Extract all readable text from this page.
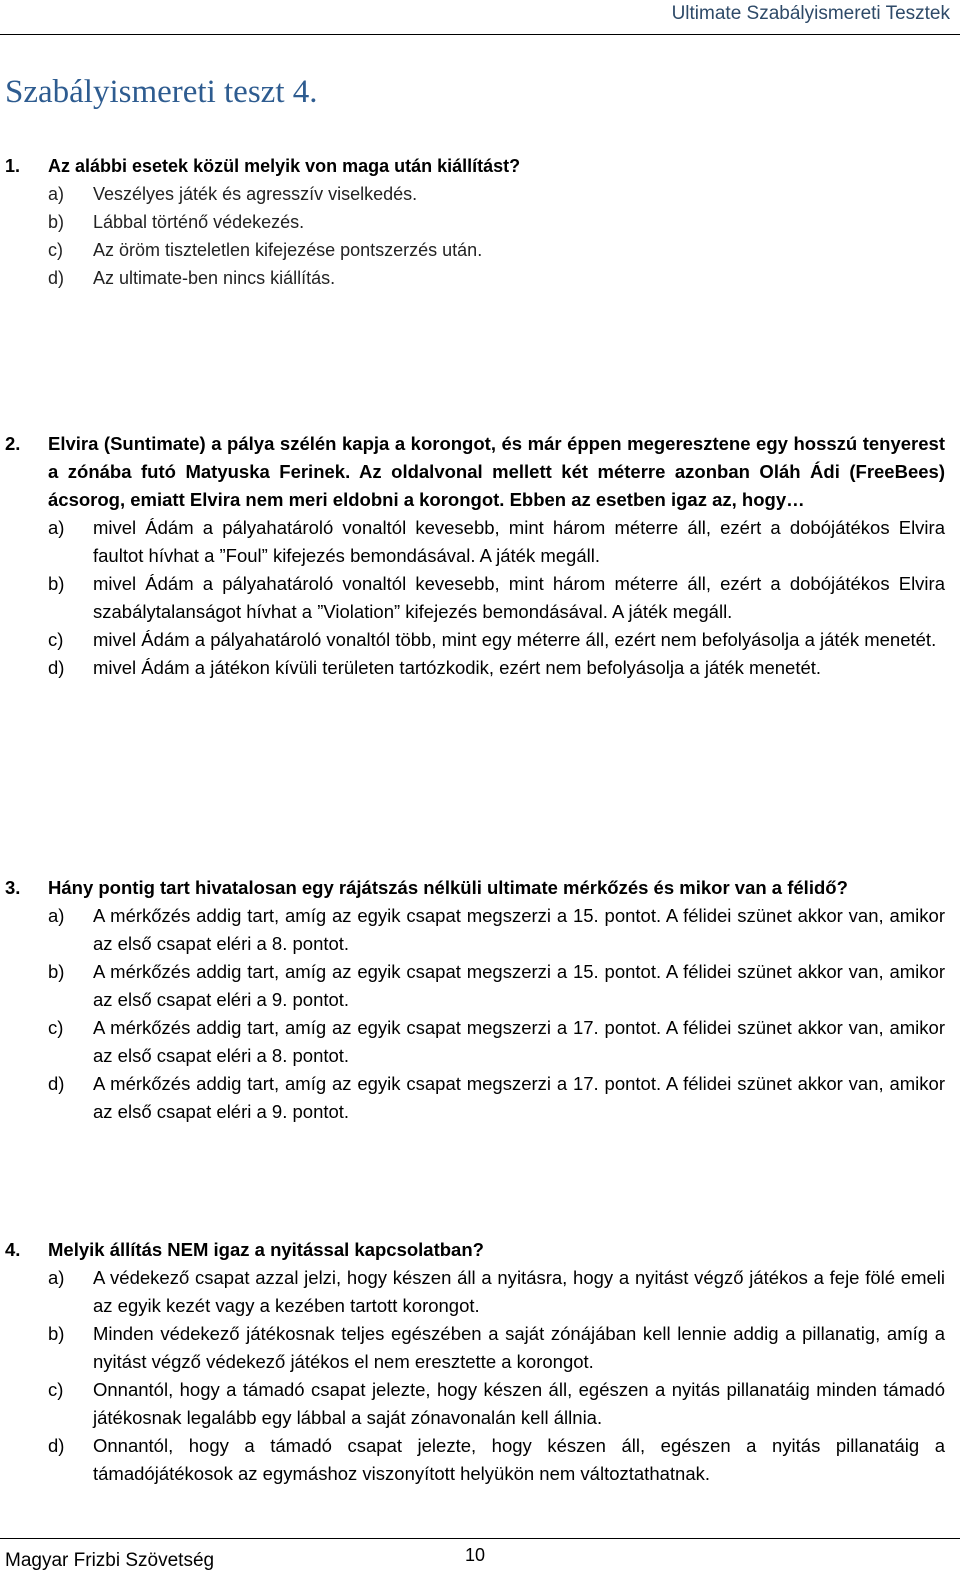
Ultimate Szabályismereti Tesztek
Szabályismereti teszt 4.
1.	Az alábbi esetek közül melyik von maga után kiállítást?
a)	Veszélyes játék és agresszív viselkedés.
b)	Lábbal történő védekezés.
c)	Az öröm tiszteletlen kifejezése pontszerzés után.
d)	Az ultimate-ben nincs kiállítás.
2.	Elvira (Suntimate) a pálya szélén kapja a korongot, és már éppen megeresztene egy hosszú tenyerest a zónába futó Matyuska Ferinek. Az oldalvonal mellett két méterre azonban Oláh Ádi (FreeBees) ácsorog, emiatt Elvira nem meri eldobni a korongot. Ebben az esetben igaz az, hogy…
a)	mivel Ádám a pályahatároló vonaltól kevesebb, mint három méterre áll, ezért a dobójátékos Elvira faultot hívhat a ”Foul” kifejezés bemondásával. A játék megáll.
b)	mivel Ádám a pályahatároló vonaltól kevesebb, mint három méterre áll, ezért a dobójátékos Elvira szabálytalanságot hívhat a ”Violation” kifejezés bemondásával. A játék megáll.
c)	mivel Ádám a pályahatároló vonaltól több, mint egy méterre áll, ezért nem befolyásolja a játék menetét.
d)	mivel Ádám a játékon kívüli területen tartózkodik, ezért nem befolyásolja a játék menetét.
3.	Hány pontig tart hivatalosan egy rájátszás nélküli ultimate mérkőzés és mikor van a félidő?
a)	A mérkőzés addig tart, amíg az egyik csapat megszerzi a 15. pontot. A félidei szünet akkor van, amikor az első csapat eléri a 8. pontot.
b)	A mérkőzés addig tart, amíg az egyik csapat megszerzi a 15. pontot. A félidei szünet akkor van, amikor az első csapat eléri a 9. pontot.
c)	A mérkőzés addig tart, amíg az egyik csapat megszerzi a 17. pontot. A félidei szünet akkor van, amikor az első csapat eléri a 8. pontot.
d)	A mérkőzés addig tart, amíg az egyik csapat megszerzi a 17. pontot. A félidei szünet akkor van, amikor az első csapat eléri a 9. pontot.
4.	Melyik állítás NEM igaz a nyitással kapcsolatban?
a)	A védekező csapat azzal jelzi, hogy készen áll a nyitásra, hogy a nyitást végző játékos a feje fölé emeli az egyik kezét vagy a kezében tartott korongot.
b)	Minden védekező játékosnak teljes egészében a saját zónájában kell lennie addig a pillanatig, amíg a nyitást végző védekező játékos el nem eresztette a korongot.
c)	Onnantól, hogy a támadó csapat jelezte, hogy készen áll, egészen a nyitás pillanatáig minden támadó játékosnak legalább egy lábbal a saját zónavonalán kell állnia.
d)	Onnantól, hogy a támadó csapat jelezte, hogy készen áll, egészen a nyitás pillanatáig a támadójátékosok az egymáshoz viszonyított helyükön nem változtathatnak.
Magyar Frizbi Szövetség	10
